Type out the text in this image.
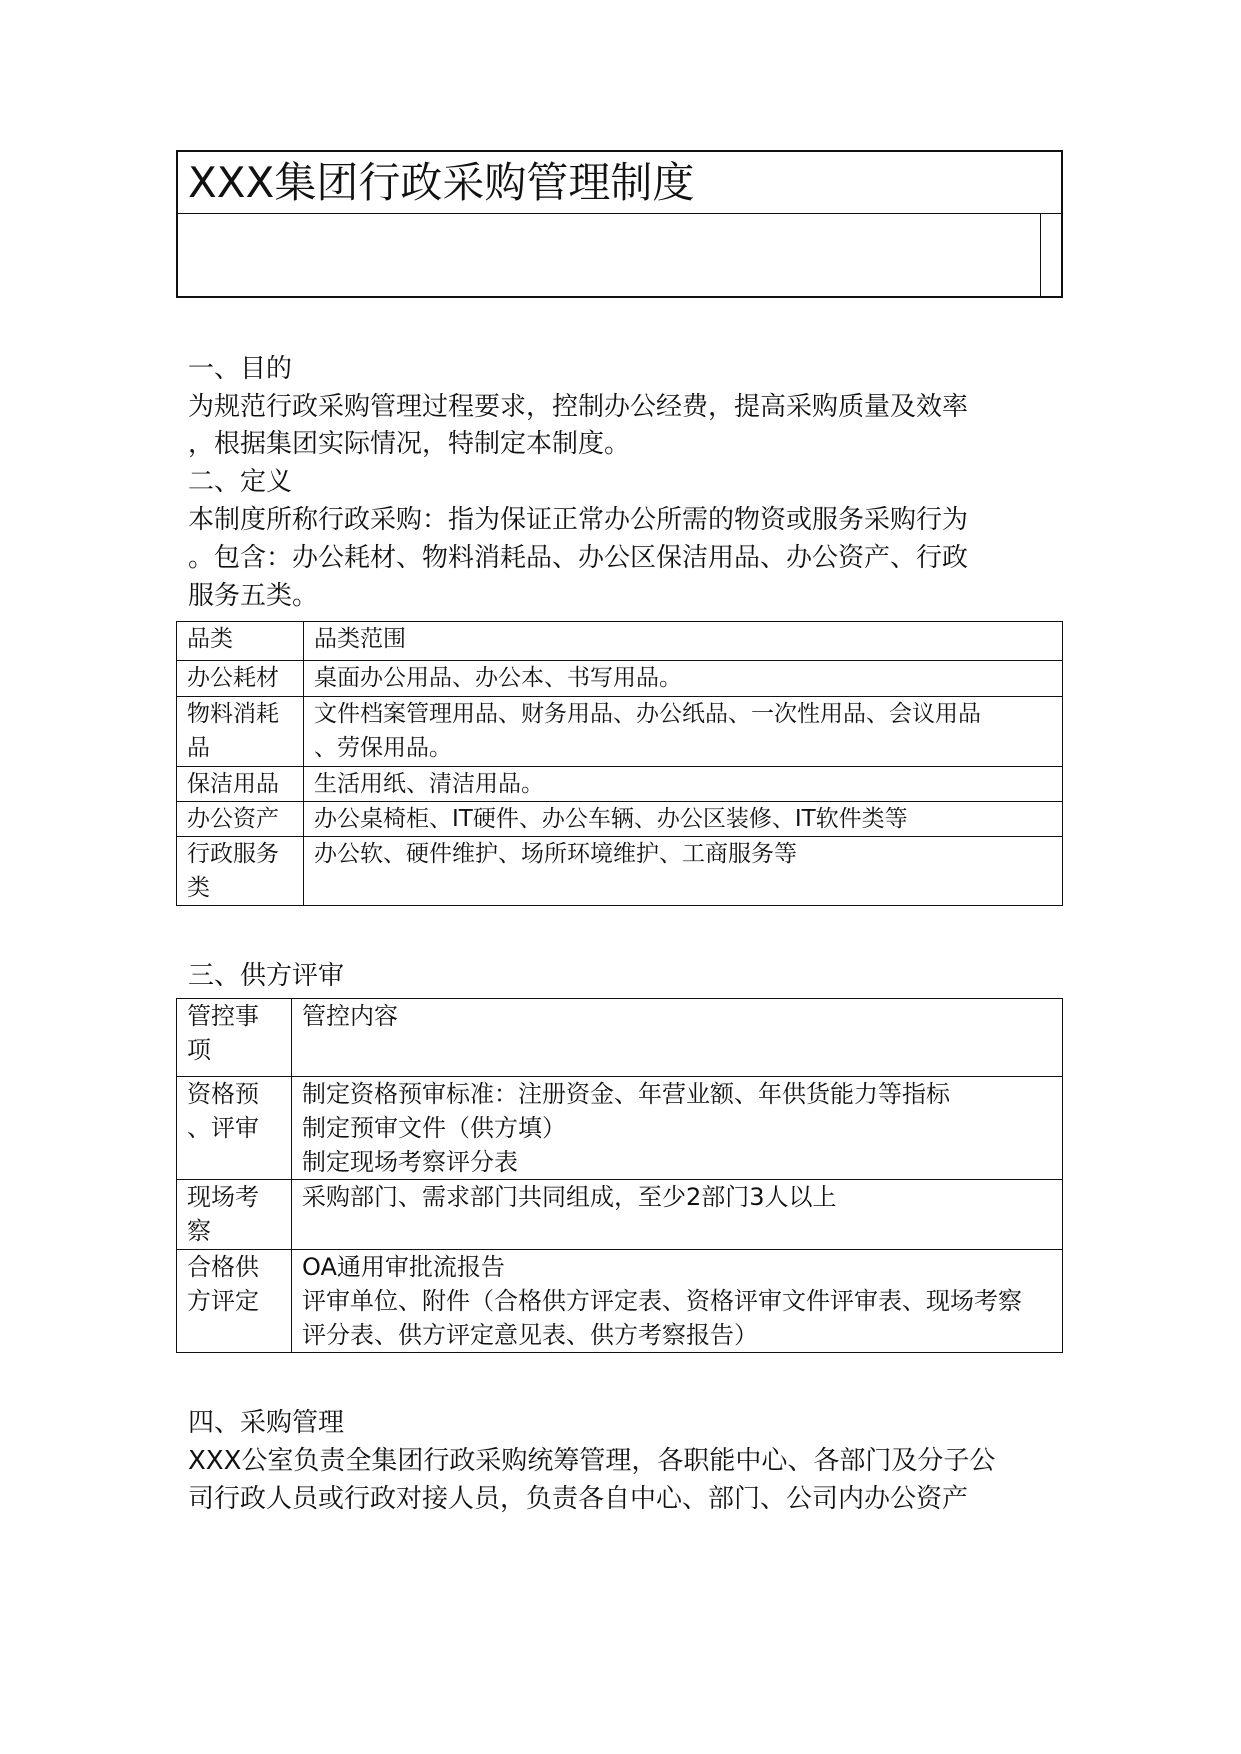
XXX集团行政采购管理制度
一、目的
为规范行政采购管理过程要求，控制办公经费，提高采购质量及效率
，根据集团实际情况，特制定本制度。
二、定义
本制度所称行政采购：指为保证正常办公所需的物资或服务采购行为
。包含：办公耗材、物料消耗品、办公区保洁用品、办公资产、行政
服务五类。
品类	品类范围

办公耗材	桌面办公用品、办公本、书写用品。

物料消耗
品	文件档案管理用品、财务用品、办公纸品、一次性用品、会议用品
、劳保用品。

保洁用品	生活用纸、清洁用品。

办公资产	办公桌椅柜、IT硬件、办公车辆、办公区装修、IT软件类等

行政服务
类	办公软、硬件维护、场所环境维护、工商服务等
三、供方评审
管控事
项	管控内容

资格预
、评审	制定资格预审标准：注册资金、年营业额、年供货能力等指标
制定预审文件（供方填）
制定现场考察评分表

现场考
察	采购部门、需求部门共同组成，至少2部门3人以上

合格供
方评定	OA通用审批流报告
评审单位、附件（合格供方评定表、资格评审文件评审表、现场考察
评分表、供方评定意见表、供方考察报告）
四、采购管理
XXX公室负责全集团行政采购统筹管理，各职能中心、各部门及分子公
司行政人员或行政对接人员，负责各自中心、部门、公司内办公资产
